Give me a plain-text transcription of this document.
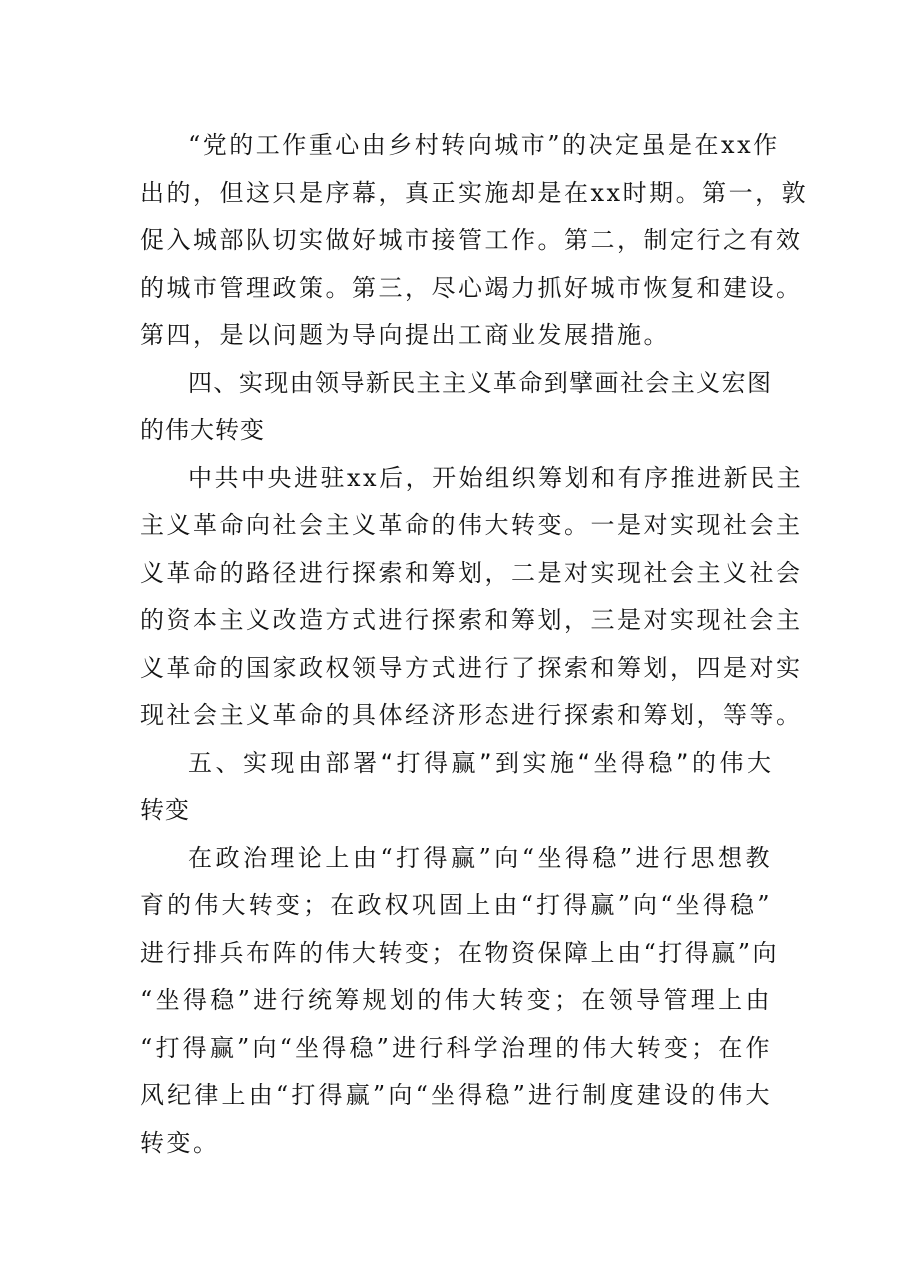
“党的工作重心由乡村转向城市”的决定虽是在xx作
出的，但这只是序幕，真正实施却是在xx时期。第一，敦
促入城部队切实做好城市接管工作。第二，制定行之有效
的城市管理政策。第三，尽心竭力抓好城市恢复和建设。
第四，是以问题为导向提出工商业发展措施。
四、实现由领导新民主主义革命到擘画社会主义宏图
的伟大转变
中共中央进驻xx后，开始组织筹划和有序推进新民主
主义革命向社会主义革命的伟大转变。一是对实现社会主
义革命的路径进行探索和筹划，二是对实现社会主义社会
的资本主义改造方式进行探索和筹划，三是对实现社会主
义革命的国家政权领导方式进行了探索和筹划，四是对实
现社会主义革命的具体经济形态进行探索和筹划，等等。
五、实现由部署“打得赢”到实施“坐得稳”的伟大
转变
在政治理论上由“打得赢”向“坐得稳”进行思想教
育的伟大转变；在政权巩固上由“打得赢”向“坐得稳”
进行排兵布阵的伟大转变；在物资保障上由“打得赢”向
“坐得稳”进行统筹规划的伟大转变；在领导管理上由
“打得赢”向“坐得稳”进行科学治理的伟大转变；在作
风纪律上由“打得赢”向“坐得稳”进行制度建设的伟大
转变。
